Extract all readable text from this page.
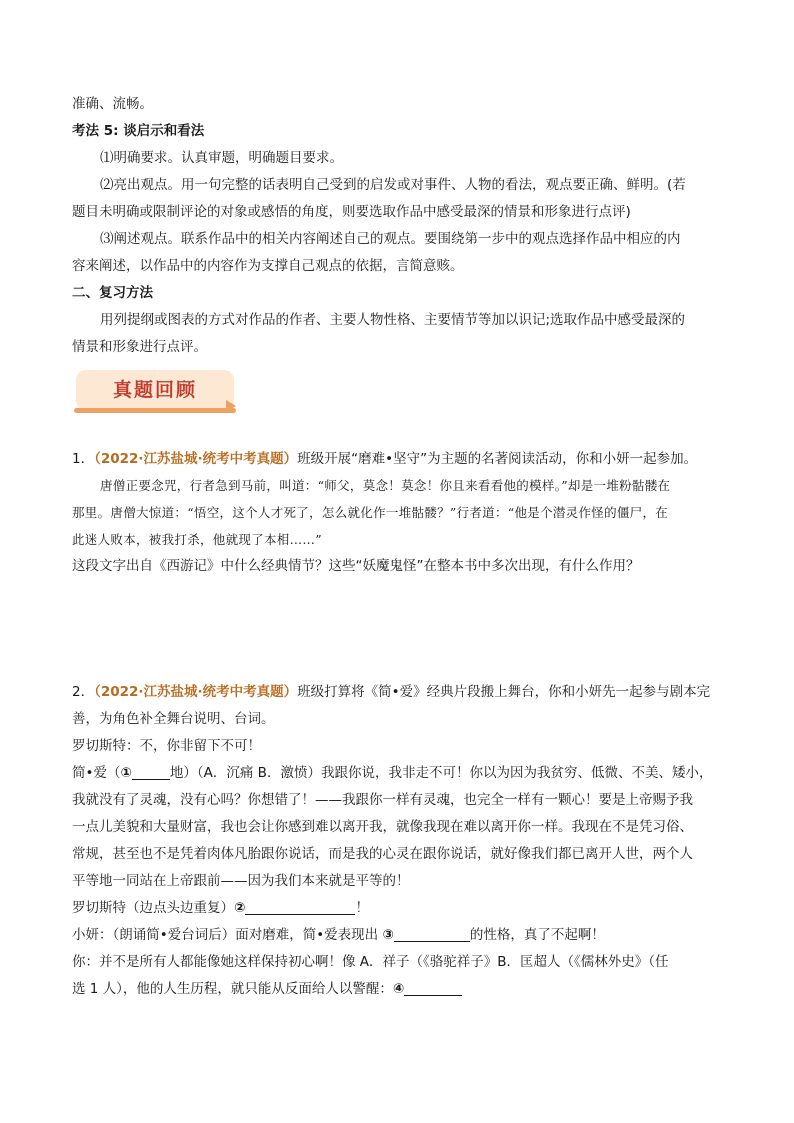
准确、流畅。
考法 5: 谈启示和看法
⑴明确要求。认真审题，明确题目要求。
⑵亮出观点。用一句完整的话表明自己受到的启发或对事件、人物的看法，观点要正确、鲜明。(若
题目未明确或限制评论的对象或感悟的角度，则要选取作品中感受最深的情景和形象进行点评)
⑶阐述观点。联系作品中的相关内容阐述自己的观点。要围绕第一步中的观点选择作品中相应的内
容来阐述，以作品中的内容作为支撑自己观点的依据，言简意赅。
二、复习方法
用列提纲或图表的方式对作品的作者、主要人物性格、主要情节等加以识记;选取作品中感受最深的
情景和形象进行点评。
真题回顾
1．（2022·江苏盐城·统考中考真题）班级开展“磨难•坚守”为主题的名著阅读活动，你和小妍一起参加。
唐僧正要念咒，行者急到马前，叫道：“师父，莫念！莫念！你且来看看他的模样。”却是一堆粉骷髅在
那里。唐僧大惊道：“悟空，这个人才死了，怎么就化作一堆骷髅？”行者道：“他是个潜灵作怪的僵尸，在
此迷人败本，被我打杀，他就现了本相……”
这段文字出自《西游记》中什么经典情节？这些“妖魔鬼怪”在整本书中多次出现，有什么作用？
2．（2022·江苏盐城·统考中考真题）班级打算将《简•爱》经典片段搬上舞台，你和小妍先一起参与剧本完
善，为角色补全舞台说明、台词。
罗切斯特：不，你非留下不可！
简•爱（①	地）（A．沉痛 B．激愤）我跟你说，我非走不可！你以为因为我贫穷、低微、不美、矮小，
我就没有了灵魂，没有心吗？你想错了！——我跟你一样有灵魂，也完全一样有一颗心！要是上帝赐予我
一点儿美貌和大量财富，我也会让你感到难以离开我，就像我现在难以离开你一样。我现在不是凭习俗、
常规，甚至也不是凭着肉体凡胎跟你说话，而是我的心灵在跟你说话，就好像我们都已离开人世，两个人
平等地一同站在上帝跟前——因为我们本来就是平等的！
罗切斯特（边点头边重复）②	！
小妍：（朗诵简•爱台词后）面对磨难，简•爱表现出 ③	的性格，真了不起啊！
你：并不是所有人都能像她这样保持初心啊！像 A．祥子（《骆驼祥子》B．匡超人（《儒林外史》（任
选 1 人），他的人生历程，就只能从反面给人以警醒：④
